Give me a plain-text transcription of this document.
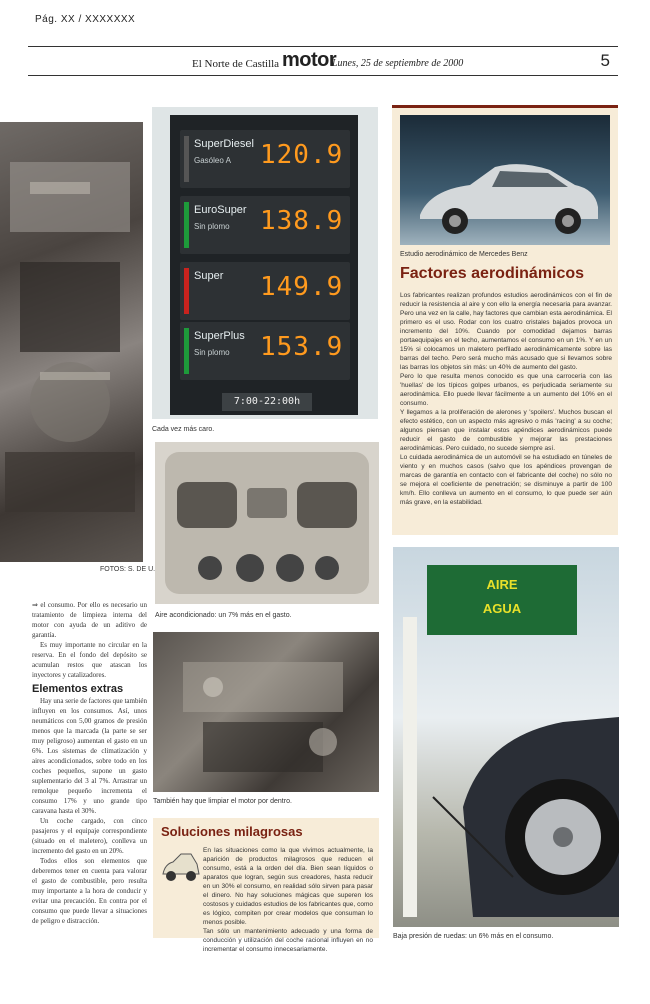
Pág. XX / XXXXXXX
El Norte de Castilla motor
Lunes, 25 de septiembre de 2000	5
FOTOS: S. DE U.
7:00-22:00h
SuperDiesel
Gasóleo A 120.9
EuroSuper
Sin plomo 138.9
Super 149.9
SuperPlus
Sin plomo 153.9
Cada vez más caro.
Aire acondicionado: un 7% más en el gasto.
También hay que limpiar el motor por dentro.

⇒ el consumo. Por ello es necesario un tratamiento de limpieza interna del motor con ayuda de un aditivo de garantía.

Es muy importante no circular en la reserva. En el fondo del depósito se acumulan restos que atascan los inyectores y catalizadores.

Elementos extras

Hay una serie de factores que también influyen en los consumos. Así, unos neumáticos con 5,00 gramos de presión menos que la marcada (la parte se ser muy peligroso) aumentan el gasto en un 6%. Los sistemas de climatización y aires acondicionados, sobre todo en los coches pequeños, supone un gasto suplementario del 3 al 7%. Arrastrar un remolque pequeño incrementa el consumo 17% y uno grande tipo caravana hasta el 30%.

Un coche cargado, con cinco pasajeros y el equipaje correspondiente (situado en el maletero), conlleva un incremento del gasto en un 20%.

Todos ellos son elementos que deberemos tener en cuenta para valorar el gasto de combustible, pero resulta muy importante a la hora de conducir y evitar una precaución. En contra por el consumo que puede llevar a situaciones de peligro e distracción.

Estudio aerodinámico de Mercedes Benz
Factores aerodinámicos

Los fabricantes realizan profundos estudios aerodinámicos con el fin de reducir la resistencia al aire y con ello la energía necesaria para avanzar. Pero una vez en la calle, hay factores que cambian esta aerodinámica. El primero es el uso. Rodar con los cuatro cristales bajados provoca un incremento del 10%. Cuando por comodidad dejamos barras portaequipajes en el techo, aumentamos el consumo en un 1%. Y en un 15% si colocamos un maletero perfilado aerodinámicamente sobre las barras del techo. Pero será mucho más acusado que si llevamos sobre las barras los objetos sin más: un 40% de aumento del gasto.

Pero lo que resulta menos conocido es que una carrocería con las 'huellas' de los típicos golpes urbanos, es perjudicada seriamente su aerodinámica. Ello puede llevar fácilmente a un aumento del 10% en el consumo.

Y llegamos a la proliferación de alerones y 'spoilers'. Muchos buscan el efecto estético, con un aspecto más agresivo o más 'racing' a su coche; algunos piensan que instalar estos apéndices aerodinámicos puede reducir el gasto de combustible y mejorar las prestaciones aerodinámicas. Pero cuidado, no sucede siempre así.

Lo cuidada aerodinámica de un automóvil se ha estudiado en túneles de viento y en muchos casos (salvo que los apéndices provengan de marcas de garantía en contacto con el fabricante del coche) no sólo no se mejora el coeficiente de penetración; se disminuye a partir de 100 km/h. Ello conlleva un aumento en el consumo, lo que puede ser aún más grave, en la estabilidad.

AIRE
AGUA
Baja presión de ruedas: un 6% más en el consumo.
Soluciones milagrosas

En las situaciones como la que vivimos actualmente, la aparición de productos milagrosos que reducen el consumo, está a la orden del día. Bien sean líquidos o aparatos que logran, según sus creadores, hasta reducir en un 30% el consumo, en realidad sólo sirven para pasar el dinero. No hay soluciones mágicas que superen los costosos y cuidados estudios de los fabricantes que, como es lógico, compiten por crear modelos que consuman lo menos posible.

Tan sólo un mantenimiento adecuado y una forma de conducción y utilización del coche racional influyen en no incrementar el consumo innecesariamente.
